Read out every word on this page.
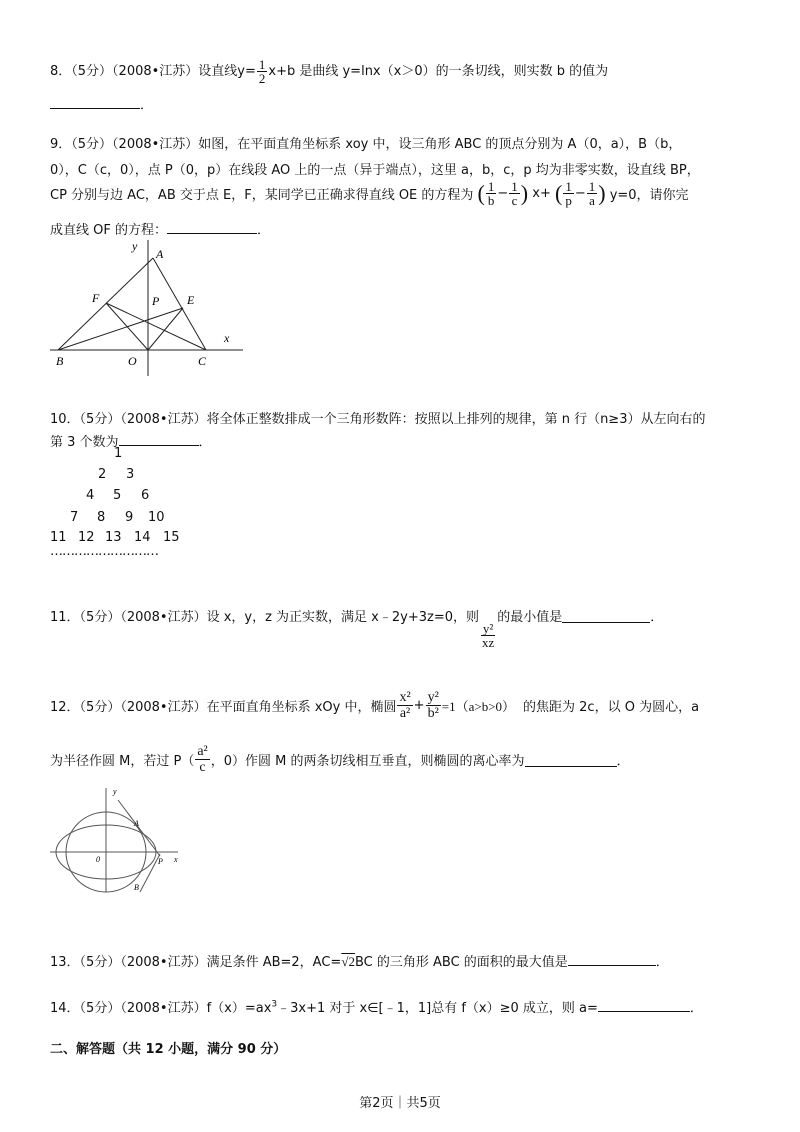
8．（5分）（2008•江苏）设直线$y= \frac{1}{2} x+b$ 是曲线 y=lnx（x＞0）的一条切线，则实数 b 的值为
．
9．（5分）（2008•江苏）如图，在平面直角坐标系 xoy 中，设三角形 ABC 的顶点分别为 A（0，a），B（b，
0），C（c，0），点 P（0，p）在线段 AO 上的一点（异于端点），这里 a，b，c，p 均为非零实数，设直线 BP，
CP 分别与边 AC，AB 交于点 E，F，某同学已正确求得直线 OE 的方程为 ( $\frac{1}{b} - \frac{1}{c}$ ) x+ ( $\frac{1}{p} - \frac{1}{a}$ ) y=0，请你完
成直线 OF 的方程：	．
y
A
P
F	E
x
B	O	C
10．（5分）（2008•江苏）将全体正整数排成一个三角形数阵：按照以上排列的规律，第 n 行（n≥3）从左向右的
第 3 个数为	．
1
2 3
4 5 6
7 8 9 10
11 12 13 14 15
………………………
11．（5分）（2008•江苏）设 x，y，z 为正实数，满足 x﹣2y+3z=0，则
$\frac{\text{y²}}{xz}$
的最小值是	．
12．（5分）（2008•江苏）在平面直角坐标系 xOy 中，椭圆 $\frac{\text{x²}}{\text{a²}} + \frac{\text{y²}}{\text{b²}} =1(a>b>0)$ 的焦距为 2c，以 O 为圆心，a
为半径作圆 M，若过 $P( \frac{\text{a²}}{c}$ ，0）作圆 M 的两条切线相互垂直，则椭圆的离心率为	．
y
x
0
A
B
P
13．（5分）（2008•江苏）满足条件 AB=2，AC=√2BC 的三角形 ABC 的面积的最大值是	．
14．（5分）（2008•江苏）$f(x)=ax^3﹣3x+1$ 对于 x∈[﹣1，1]总有 f（x）≥0 成立，则 a=	．
二、解答题（共 12 小题，满分 90 分）
第2页｜共5页
